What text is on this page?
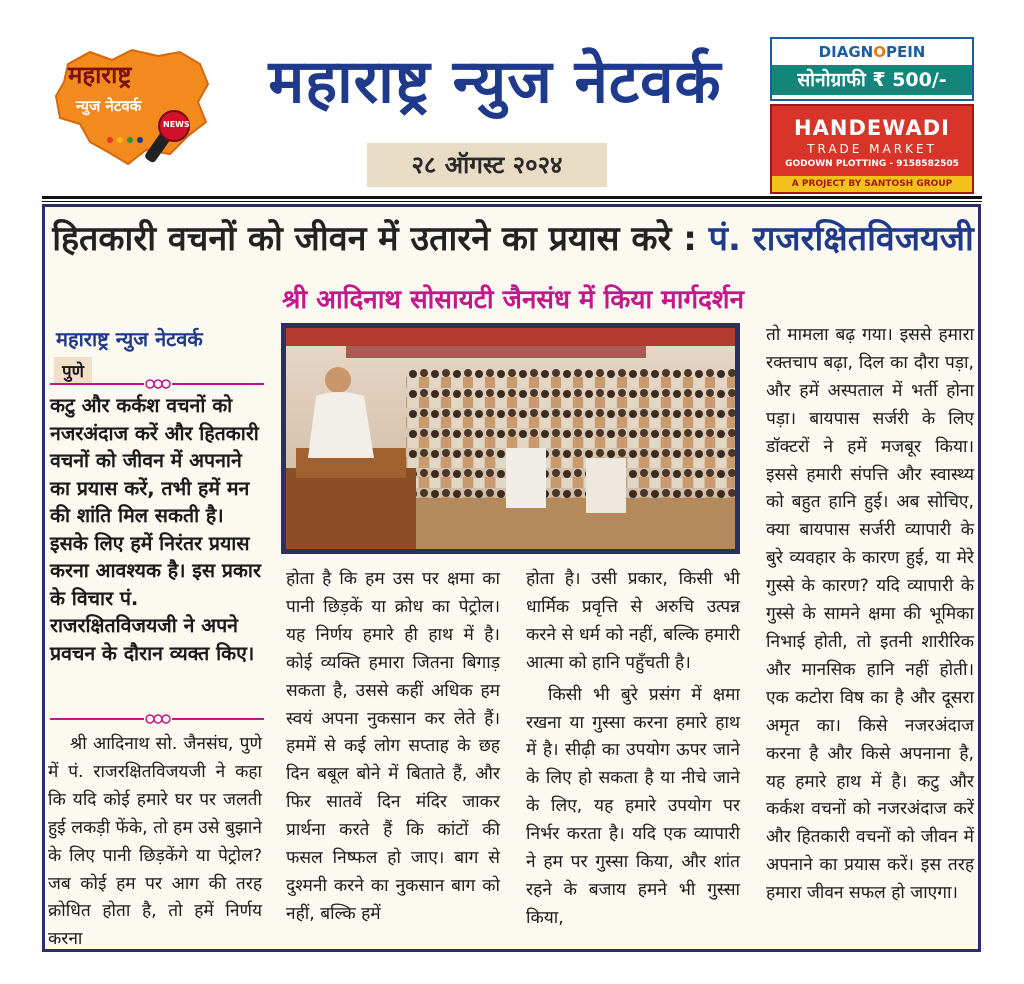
महाराष्ट्र
न्युज नेटवर्क
NEWS
महाराष्ट्र न्युज नेटवर्क
२८ ऑगस्ट २०२४
DIAGNOPEIN
सोनोग्राफी ₹ 500/-
HANDEWADI
TRADE MARKET
GODOWN PLOTTING - 9158582505
A PROJECT BY SANTOSH GROUP
हितकारी वचनों को जीवन में उतारने का प्रयास करे : पं. राजरक्षितविजयजी
श्री आदिनाथ सोसायटी जैनसंध में किया मार्गदर्शन
महाराष्ट्र न्युज नेटवर्क
पुणे
कटु और कर्कश वचनों को नजरअंदाज करें और हितकारी वचनों को जीवन में अपनाने का प्रयास करें, तभी हमें मन की शांति मिल सकती है। इसके लिए हमें निरंतर प्रयास करना आवश्यक है। इस प्रकार के विचार पं. राजरक्षितविजयजी ने अपने प्रवचन के दौरान व्यक्त किए।

श्री आदिनाथ सो. जैनसंघ, पुणे में पं. राजरक्षितविजयजी ने कहा कि यदि कोई हमारे घर पर जलती हुई लकड़ी फेंके, तो हम उसे बुझाने के लिए पानी छिड़केंगे या पेट्रोल? जब कोई हम पर आग की तरह क्रोधित होता है, तो हमें निर्णय करना

होता है कि हम उस पर क्षमा का पानी छिड़कें या क्रोध का पेट्रोल। यह निर्णय हमारे ही हाथ में है। कोई व्यक्ति हमारा जितना बिगाड़ सकता है, उससे कहीं अधिक हम स्वयं अपना नुकसान कर लेते हैं। हममें से कई लोग सप्ताह के छह दिन बबूल बोने में बिताते हैं, और फिर सातवें दिन मंदिर जाकर प्रार्थना करते हैं कि कांटों की फसल निष्फल हो जाए। बाग से दुश्मनी करने का नुकसान बाग को नहीं, बल्कि हमें

होता है। उसी प्रकार, किसी भी धार्मिक प्रवृत्ति से अरुचि उत्पन्न करने से धर्म को नहीं, बल्कि हमारी आत्मा को हानि पहुँचती है।

किसी भी बुरे प्रसंग में क्षमा रखना या गुस्सा करना हमारे हाथ में है। सीढ़ी का उपयोग ऊपर जाने के लिए हो सकता है या नीचे जाने के लिए, यह हमारे उपयोग पर निर्भर करता है। यदि एक व्यापारी ने हम पर गुस्सा किया, और शांत रहने के बजाय हमने भी गुस्सा किया,

तो मामला बढ़ गया। इससे हमारा रक्तचाप बढ़ा, दिल का दौरा पड़ा, और हमें अस्पताल में भर्ती होना पड़ा। बायपास सर्जरी के लिए डॉक्टरों ने हमें मजबूर किया। इससे हमारी संपत्ति और स्वास्थ्य को बहुत हानि हुई। अब सोचिए, क्या बायपास सर्जरी व्यापारी के बुरे व्यवहार के कारण हुई, या मेरे गुस्से के कारण? यदि व्यापारी के गुस्से के सामने क्षमा की भूमिका निभाई होती, तो इतनी शारीरिक और मानसिक हानि नहीं होती। एक कटोरा विष का है और दूसरा अमृत का। किसे नजरअंदाज करना है और किसे अपनाना है, यह हमारे हाथ में है। कटु और कर्कश वचनों को नजरअंदाज करें और हितकारी वचनों को जीवन में अपनाने का प्रयास करें। इस तरह हमारा जीवन सफल हो जाएगा।
